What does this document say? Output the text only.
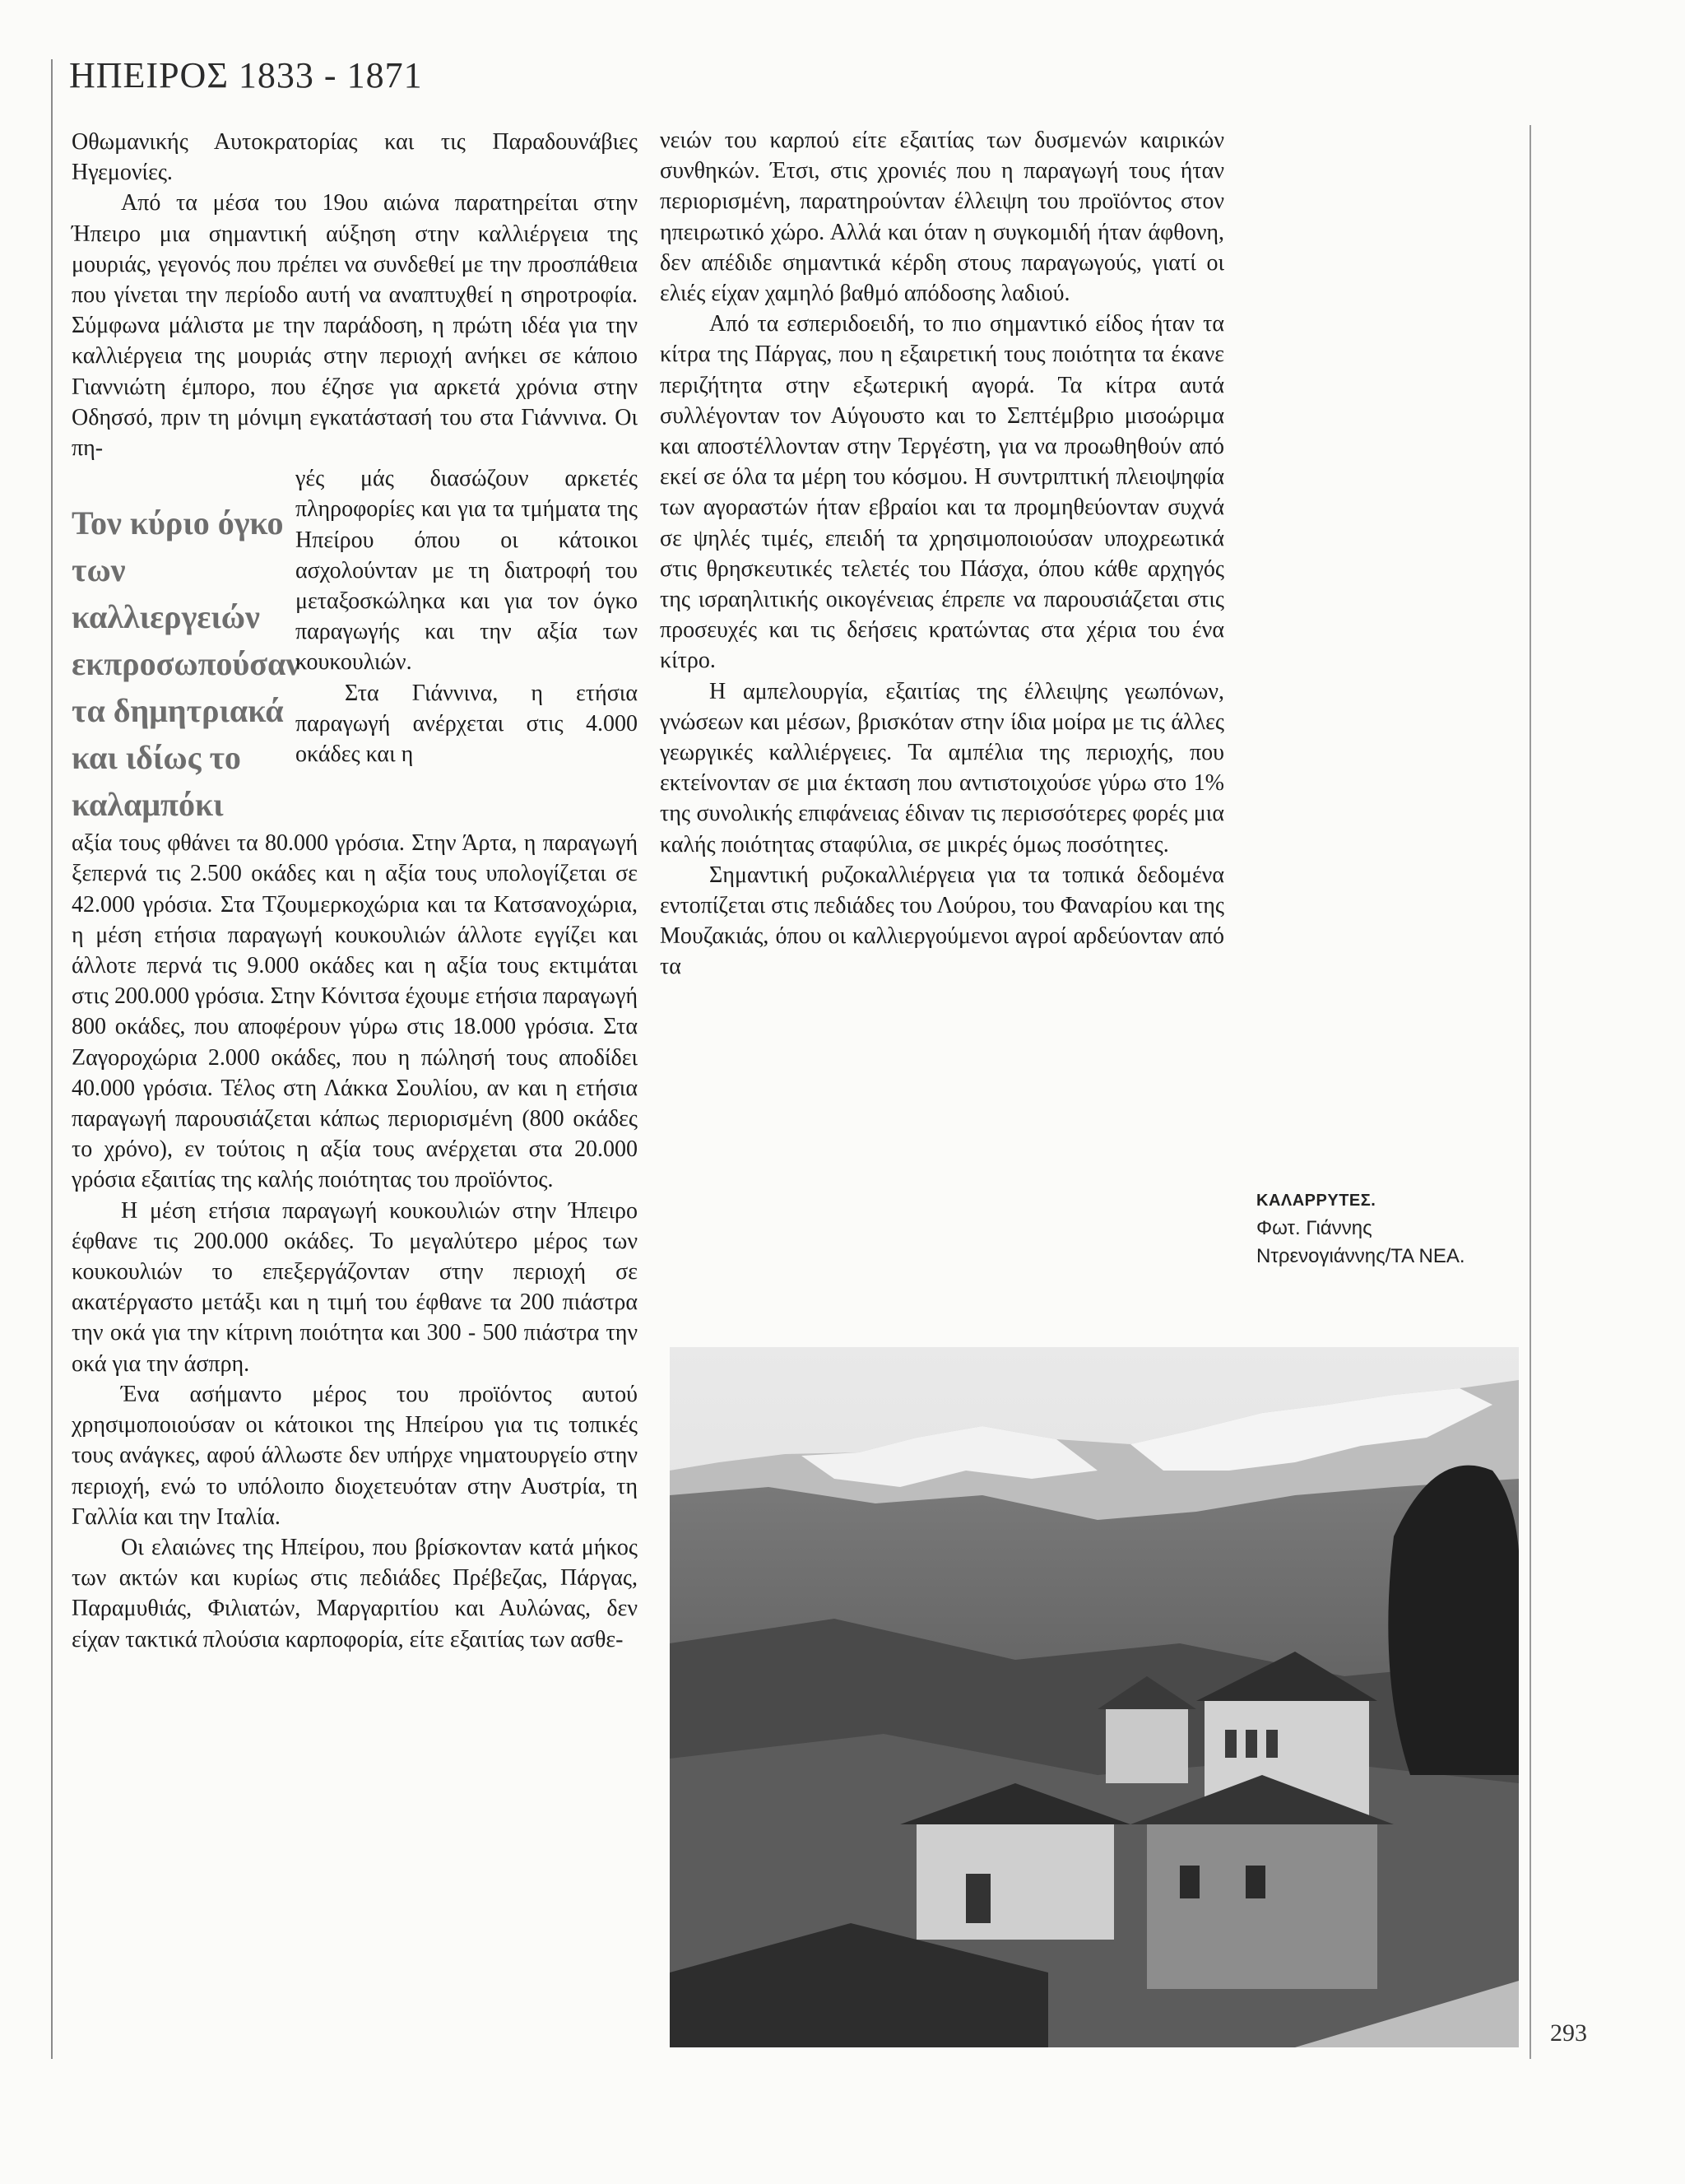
ΗΠΕΙΡΟΣ 1833 - 1871

Οθωμανικής Αυτοκρατορίας και τις Παραδουνάβιες Ηγεμονίες.

Από τα μέσα του 19ου αιώνα παρατηρείται στην Ήπειρο μια σημαντική αύξηση στην καλλιέργεια της μουριάς, γεγονός που πρέπει να συνδεθεί με την προσπάθεια που γίνεται την περίοδο αυτή να αναπτυχθεί η σηροτροφία. Σύμφωνα μάλιστα με την παράδοση, η πρώτη ιδέα για την καλλιέργεια της μουριάς στην περιοχή ανήκει σε κάποιο Γιαννιώτη έμπορο, που έζησε για αρκετά χρόνια στην Οδησσό, πριν τη μόνιμη εγκατάστασή του στα Γιάννινα. Οι πη-

Τον κύριο όγκο των καλλιεργειών εκπροσωπούσαν τα δημητριακά και ιδίως το καλαμπόκι

γές μάς διασώζουν αρκετές πληροφορίες και για τα τμήματα της Ηπείρου όπου οι κάτοικοι ασχολούνταν με τη διατροφή του μεταξοσκώληκα και για τον όγκο παραγωγής και την αξία των κουκουλιών.

Στα Γιάννινα, η ετήσια παραγωγή ανέρχεται στις 4.000 οκάδες και η

αξία τους φθάνει τα 80.000 γρόσια. Στην Άρτα, η παραγωγή ξεπερνά τις 2.500 οκάδες και η αξία τους υπολογίζεται σε 42.000 γρόσια. Στα Τζουμερκοχώρια και τα Κατσανοχώρια, η μέση ετήσια παραγωγή κουκουλιών άλλοτε εγγίζει και άλλοτε περνά τις 9.000 οκάδες και η αξία τους εκτιμάται στις 200.000 γρόσια. Στην Κόνιτσα έχουμε ετήσια παραγωγή 800 οκάδες, που αποφέρουν γύρω στις 18.000 γρόσια. Στα Ζαγοροχώρια 2.000 οκάδες, που η πώλησή τους αποδίδει 40.000 γρόσια. Τέλος στη Λάκκα Σουλίου, αν και η ετήσια παραγωγή παρουσιάζεται κάπως περιορισμένη (800 οκάδες το χρόνο), εν τούτοις η αξία τους ανέρχεται στα 20.000 γρόσια εξαιτίας της καλής ποιότητας του προϊόντος.

Η μέση ετήσια παραγωγή κουκουλιών στην Ήπειρο έφθανε τις 200.000 οκάδες. Το μεγαλύτερο μέρος των κουκουλιών το επεξεργάζονταν στην περιοχή σε ακατέργαστο μετάξι και η τιμή του έφθανε τα 200 πιάστρα την οκά για την κίτρινη ποιότητα και 300 - 500 πιάστρα την οκά για την άσπρη.

Ένα ασήμαντο μέρος του προϊόντος αυτού χρησιμοποιούσαν οι κάτοικοι της Ηπείρου για τις τοπικές τους ανάγκες, αφού άλλωστε δεν υπήρχε νηματουργείο στην περιοχή, ενώ το υπόλοιπο διοχετευόταν στην Αυστρία, τη Γαλλία και την Ιταλία.

Οι ελαιώνες της Ηπείρου, που βρίσκονταν κατά μήκος των ακτών και κυρίως στις πεδιάδες Πρέβεζας, Πάργας, Παραμυθιάς, Φιλιατών, Μαργαριτίου και Αυλώνας, δεν είχαν τακτικά πλούσια καρποφορία, είτε εξαιτίας των ασθε-

νειών του καρπού είτε εξαιτίας των δυσμενών καιρικών συνθηκών. Έτσι, στις χρονιές που η παραγωγή τους ήταν περιορισμένη, παρατηρούνταν έλλειψη του προϊόντος στον ηπειρωτικό χώρο. Αλλά και όταν η συγκομιδή ήταν άφθονη, δεν απέδιδε σημαντικά κέρδη στους παραγωγούς, γιατί οι ελιές είχαν χαμηλό βαθμό απόδοσης λαδιού.

Από τα εσπεριδοειδή, το πιο σημαντικό είδος ήταν τα κίτρα της Πάργας, που η εξαιρετική τους ποιότητα τα έκανε περιζήτητα στην εξωτερική αγορά. Τα κίτρα αυτά συλλέγονταν τον Αύγουστο και το Σεπτέμβριο μισοώριμα και αποστέλλονταν στην Τεργέστη, για να προωθηθούν από εκεί σε όλα τα μέρη του κόσμου. Η συντριπτική πλειοψηφία των αγοραστών ήταν εβραίοι και τα προμηθεύονταν συχνά σε ψηλές τιμές, επειδή τα χρησιμοποιούσαν υποχρεωτικά στις θρησκευτικές τελετές του Πάσχα, όπου κάθε αρχηγός της ισραηλιτικής οικογένειας έπρεπε να παρουσιάζεται στις προσευχές και τις δεήσεις κρατώντας στα χέρια του ένα κίτρο.

Η αμπελουργία, εξαιτίας της έλλειψης γεωπόνων, γνώσεων και μέσων, βρισκόταν στην ίδια μοίρα με τις άλλες γεωργικές καλλιέργειες. Τα αμπέλια της περιοχής, που εκτείνονταν σε μια έκταση που αντιστοιχούσε γύρω στο 1% της συνολικής επιφάνειας έδιναν τις περισσότερες φορές μια καλής ποιότητας σταφύλια, σε μικρές όμως ποσότητες.

Σημαντική ρυζοκαλλιέργεια για τα τοπικά δεδομένα εντοπίζεται στις πεδιάδες του Λούρου, του Φαναρίου και της Μουζακιάς, όπου οι καλλιεργούμενοι αγροί αρδεύονταν από τα

ΚΑΛΑΡΡΥΤΕΣ.
Φωτ. Γιάννης
Ντρενογιάννης/ΤΑ ΝΕΑ.
293
